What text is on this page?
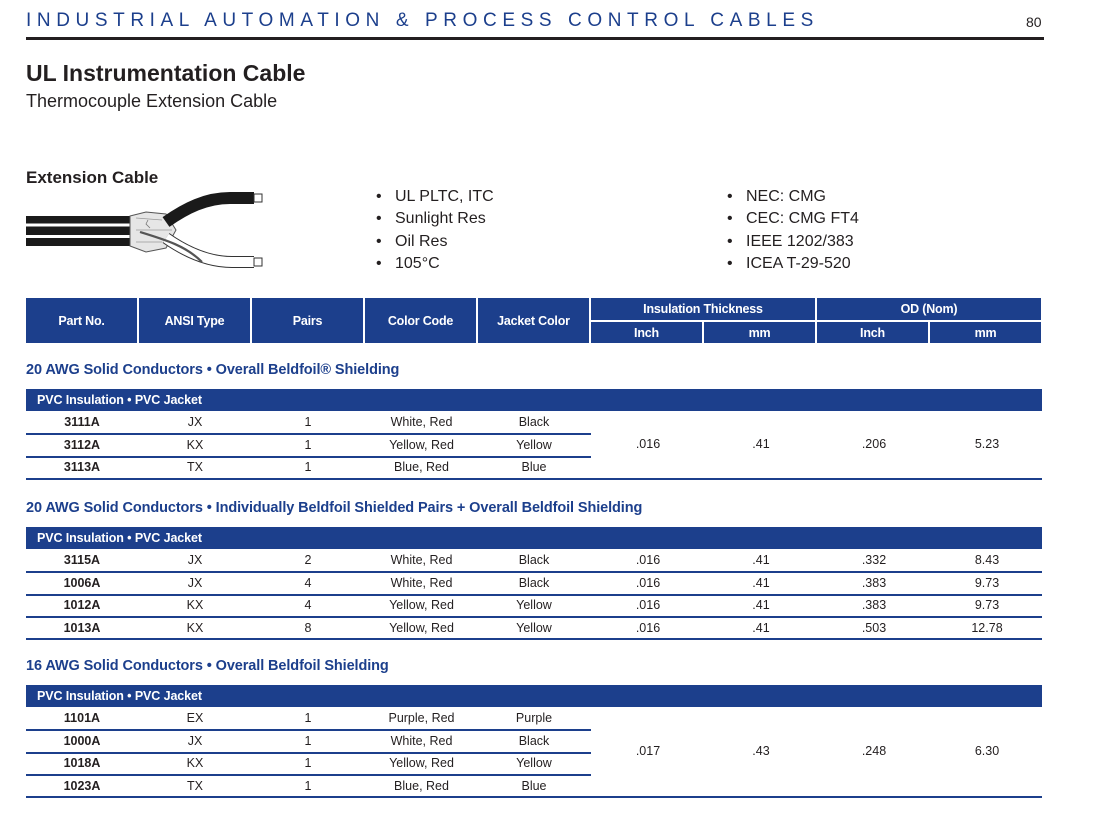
INDUSTRIAL AUTOMATION & PROCESS CONTROL CABLES	80
UL Instrumentation Cable
Thermocouple Extension Cable
Extension Cable
• UL PLTC, ITC
• Sunlight Res
• Oil Res
• 105°C
• NEC: CMG
• CEC: CMG FT4
• IEEE 1202/383
• ICEA T-29-520
Part No.	ANSI Type	Pairs	Color Code	Jacket Color
Insulation Thickness	OD (Nom)
Inch	mm	Inch	mm
20 AWG Solid Conductors • Overall Beldfoil® Shielding
PVC Insulation • PVC Jacket
3111A	JX	1	White, Red	Black
3112A	KX	1	Yellow, Red	Yellow
3113A	TX	1	Blue, Red	Blue
.016	.41	.206	5.23
20 AWG Solid Conductors • Individually Beldfoil Shielded Pairs + Overall Beldfoil Shielding
PVC Insulation • PVC Jacket
3115A	JX	2	White, Red	Black	.016	.41	.332	8.43
1006A	JX	4	White, Red	Black	.016	.41	.383	9.73
1012A	KX	4	Yellow, Red	Yellow	.016	.41	.383	9.73
1013A	KX	8	Yellow, Red	Yellow	.016	.41	.503	12.78
16 AWG Solid Conductors • Overall Beldfoil Shielding
PVC Insulation • PVC Jacket
1101A	EX	1	Purple, Red	Purple
1000A	JX	1	White, Red	Black
1018A	KX	1	Yellow, Red	Yellow
1023A	TX	1	Blue, Red	Blue
.017	.43	.248	6.30
